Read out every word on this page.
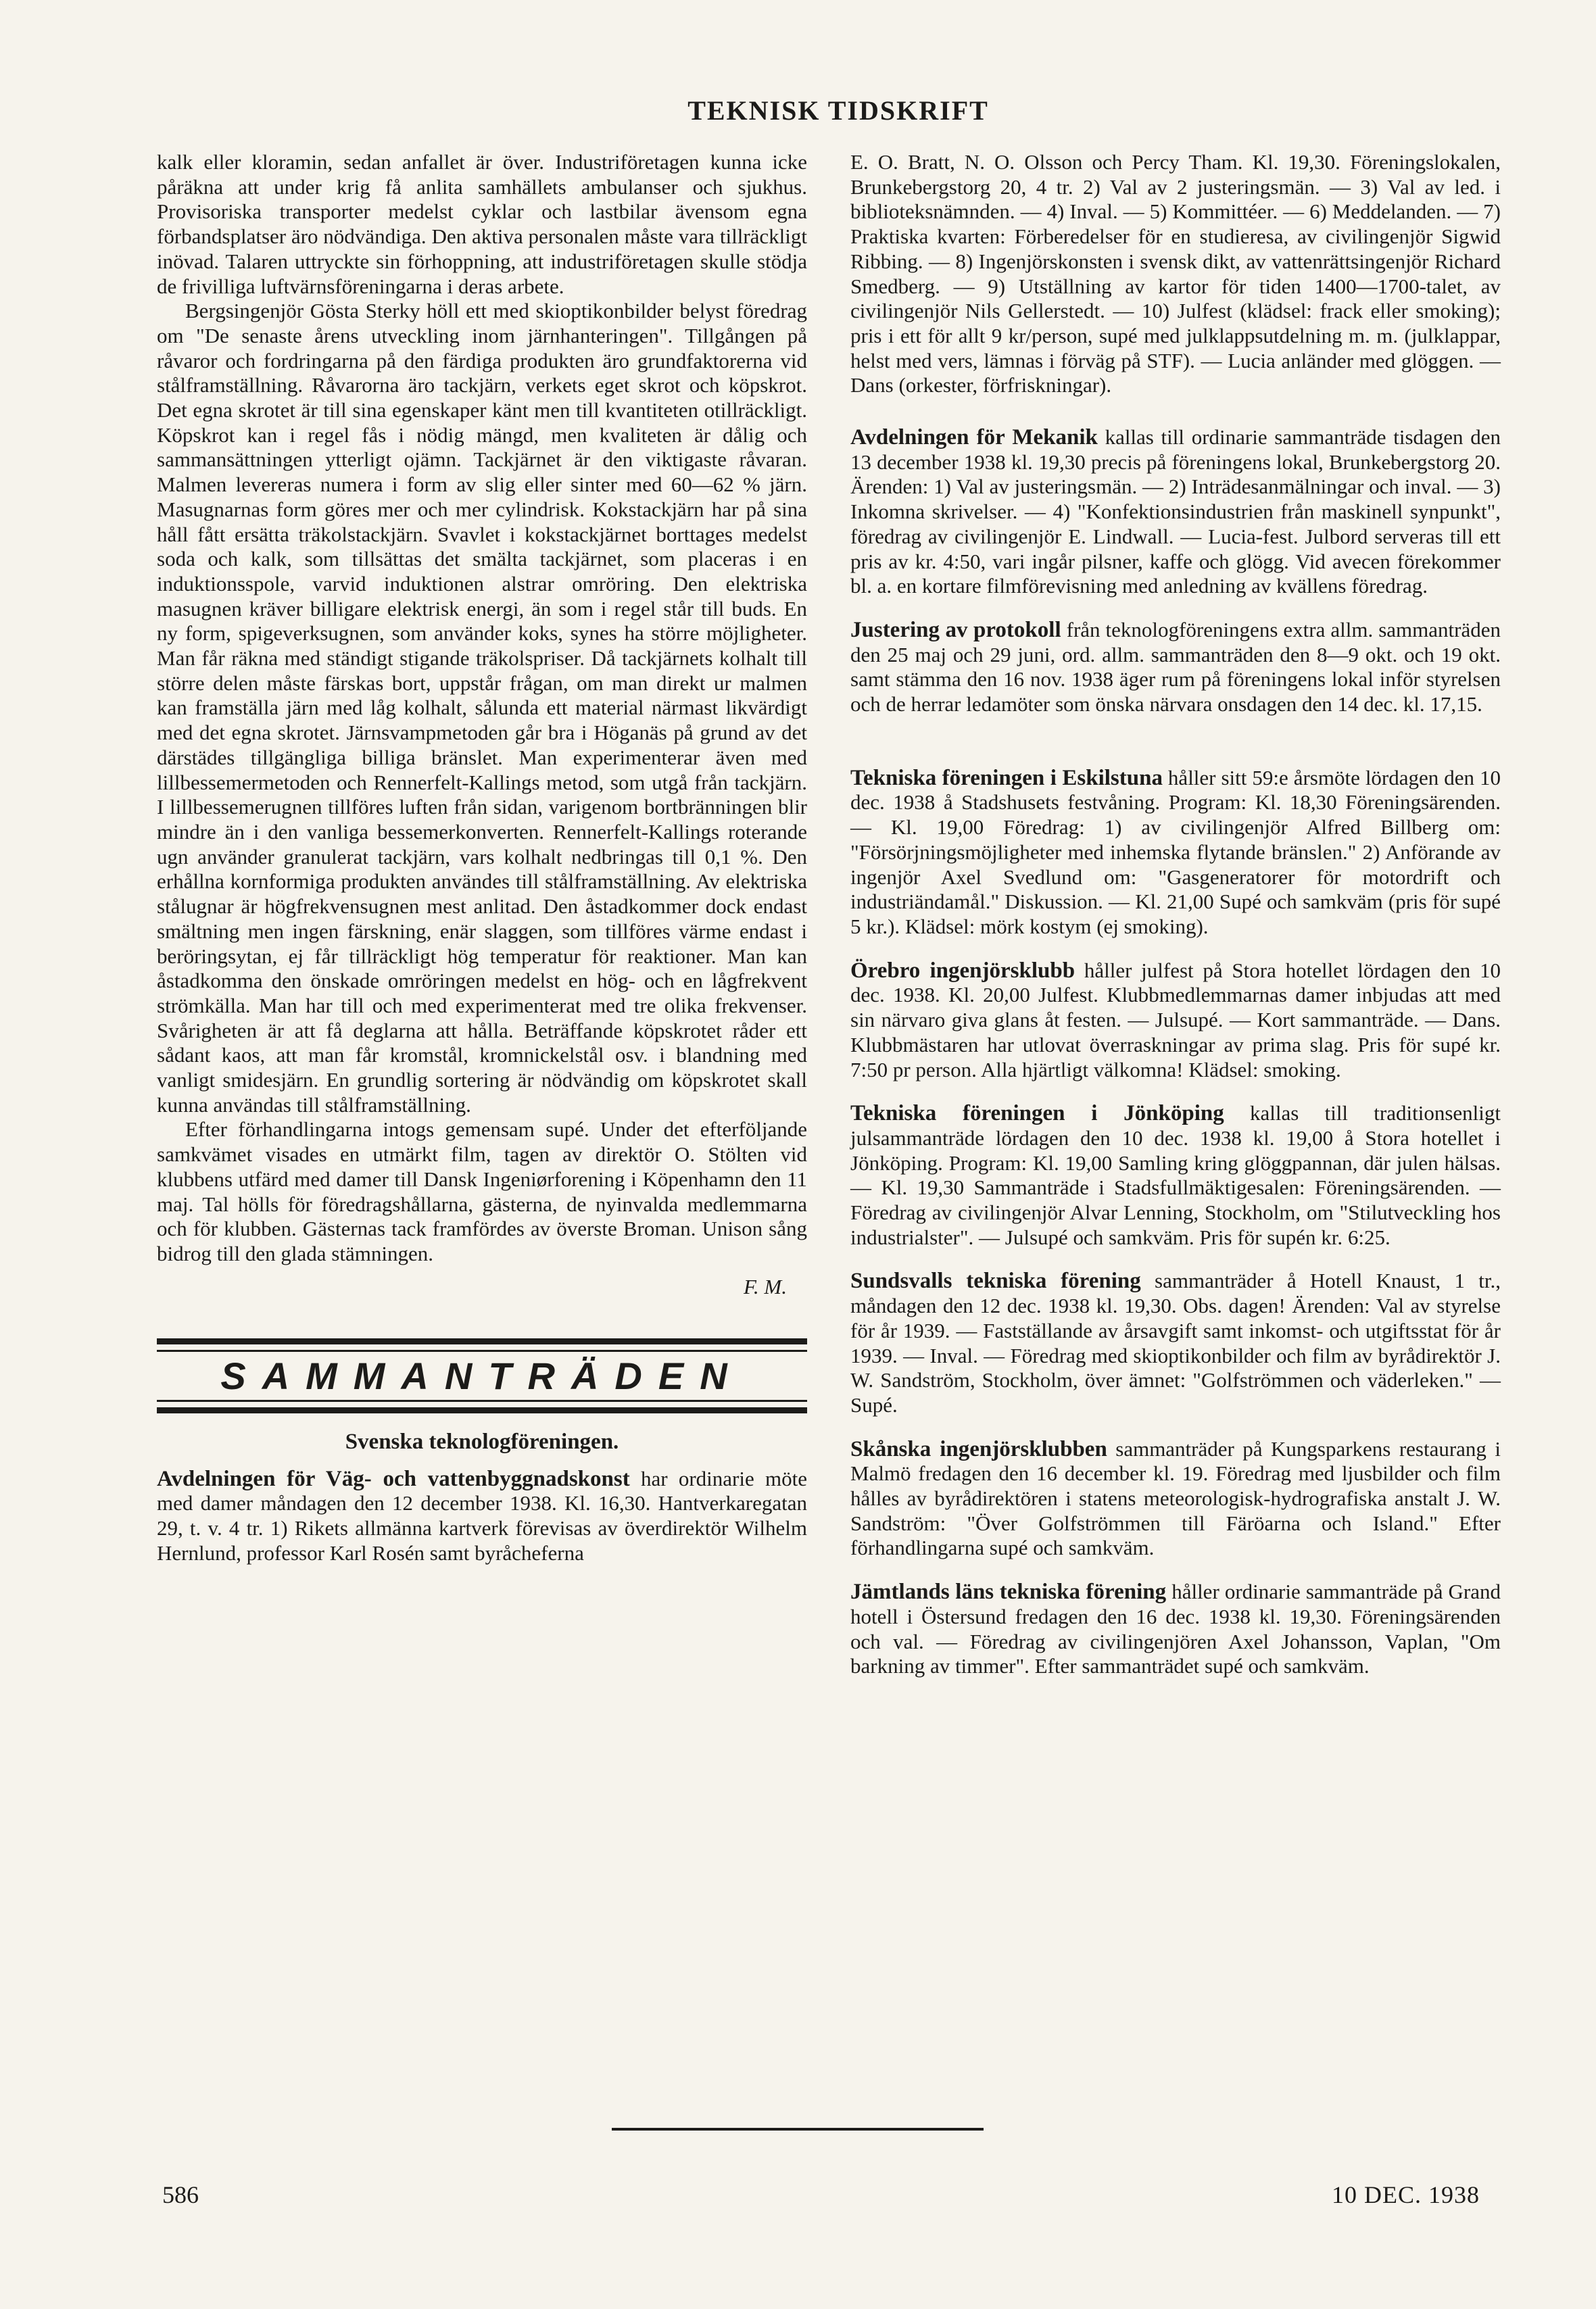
TEKNISK TIDSKRIFT

kalk eller kloramin, sedan anfallet är över. Industriföretagen kunna icke påräkna att under krig få anlita samhällets ambulanser och sjukhus. Provisoriska transporter medelst cyklar och lastbilar ävensom egna förbandsplatser äro nödvändiga. Den aktiva personalen måste vara tillräckligt inövad. Talaren uttryckte sin förhoppning, att industriföretagen skulle stödja de frivilliga luftvärnsföreningarna i deras arbete.

Bergsingenjör Gösta Sterky höll ett med skioptikonbilder belyst föredrag om "De senaste årens utveckling inom järnhanteringen". Tillgången på råvaror och fordringarna på den färdiga produkten äro grundfaktorerna vid stålframställning. Råvarorna äro tackjärn, verkets eget skrot och köpskrot. Det egna skrotet är till sina egenskaper känt men till kvantiteten otillräckligt. Köpskrot kan i regel fås i nödig mängd, men kvaliteten är dålig och sammansättningen ytterligt ojämn. Tackjärnet är den viktigaste råvaran. Malmen levereras numera i form av slig eller sinter med 60—62 % järn. Masugnarnas form göres mer och mer cylindrisk. Kokstackjärn har på sina håll fått ersätta träkolstackjärn. Svavlet i kokstackjärnet borttages medelst soda och kalk, som tillsättas det smälta tackjärnet, som placeras i en induktionsspole, varvid induktionen alstrar omröring. Den elektriska masugnen kräver billigare elektrisk energi, än som i regel står till buds. En ny form, spigeverksugnen, som använder koks, synes ha större möjligheter. Man får räkna med ständigt stigande träkolspriser. Då tackjärnets kolhalt till större delen måste färskas bort, uppstår frågan, om man direkt ur malmen kan framställa järn med låg kolhalt, sålunda ett material närmast likvärdigt med det egna skrotet. Järnsvampmetoden går bra i Höganäs på grund av det därstädes tillgängliga billiga bränslet. Man experimenterar även med lillbessemermetoden och Rennerfelt-Kallings metod, som utgå från tackjärn. I lillbessemerugnen tillföres luften från sidan, varigenom bortbränningen blir mindre än i den vanliga bessemerkonverten. Rennerfelt-Kallings roterande ugn använder granulerat tackjärn, vars kolhalt nedbringas till 0,1 %. Den erhållna kornformiga produkten användes till stålframställning. Av elektriska stålugnar är högfrekvensugnen mest anlitad. Den åstadkommer dock endast smältning men ingen färskning, enär slaggen, som tillföres värme endast i beröringsytan, ej får tillräckligt hög temperatur för reaktioner. Man kan åstadkomma den önskade omröringen medelst en hög- och en lågfrekvent strömkälla. Man har till och med experimenterat med tre olika frekvenser. Svårigheten är att få deglarna att hålla. Beträffande köpskrotet råder ett sådant kaos, att man får kromstål, kromnickelstål osv. i blandning med vanligt smidesjärn. En grundlig sortering är nödvändig om köpskrotet skall kunna användas till stålframställning.

Efter förhandlingarna intogs gemensam supé. Under det efterföljande samkvämet visades en utmärkt film, tagen av direktör O. Stölten vid klubbens utfärd med damer till Dansk Ingeniørforening i Köpenhamn den 11 maj. Tal hölls för föredragshållarna, gästerna, de nyinvalda medlemmarna och för klubben. Gästernas tack framfördes av överste Broman. Unison sång bidrog till den glada stämningen.

F. M.

SAMMANTRÄDEN

Svenska teknologföreningen.

Avdelningen för Väg- och vattenbyggnadskonst har ordinarie möte med damer måndagen den 12 december 1938. Kl. 16,30. Hantverkaregatan 29, t. v. 4 tr. 1) Rikets allmänna kartverk förevisas av överdirektör Wilhelm Hernlund, professor Karl Rosén samt byråcheferna

E. O. Bratt, N. O. Olsson och Percy Tham. Kl. 19,30. Föreningslokalen, Brunkebergstorg 20, 4 tr. 2) Val av 2 justeringsmän. — 3) Val av led. i biblioteksnämnden. — 4) Inval. — 5) Kommittéer. — 6) Meddelanden. — 7) Praktiska kvarten: Förberedelser för en studieresa, av civilingenjör Sigwid Ribbing. — 8) Ingenjörskonsten i svensk dikt, av vattenrättsingenjör Richard Smedberg. — 9) Utställning av kartor för tiden 1400—1700-talet, av civilingenjör Nils Gellerstedt. — 10) Julfest (klädsel: frack eller smoking); pris i ett för allt 9 kr/person, supé med julklappsutdelning m. m. (julklappar, helst med vers, lämnas i förväg på STF). — Lucia anländer med glöggen. — Dans (orkester, förfriskningar).

Avdelningen för Mekanik kallas till ordinarie sammanträde tisdagen den 13 december 1938 kl. 19,30 precis på föreningens lokal, Brunkebergstorg 20. Ärenden: 1) Val av justeringsmän. — 2) Inträdesanmälningar och inval. — 3) Inkomna skrivelser. — 4) "Konfektionsindustrien från maskinell synpunkt", föredrag av civilingenjör E. Lindwall. — Lucia-fest. Julbord serveras till ett pris av kr. 4:50, vari ingår pilsner, kaffe och glögg. Vid avecen förekommer bl. a. en kortare filmförevisning med anledning av kvällens föredrag.

Justering av protokoll från teknologföreningens extra allm. sammanträden den 25 maj och 29 juni, ord. allm. sammanträden den 8—9 okt. och 19 okt. samt stämma den 16 nov. 1938 äger rum på föreningens lokal inför styrelsen och de herrar ledamöter som önska närvara onsdagen den 14 dec. kl. 17,15.

Tekniska föreningen i Eskilstuna håller sitt 59:e årsmöte lördagen den 10 dec. 1938 å Stadshusets festvåning. Program: Kl. 18,30 Föreningsärenden. — Kl. 19,00 Föredrag: 1) av civilingenjör Alfred Billberg om: "Försörjningsmöjligheter med inhemska flytande bränslen." 2) Anförande av ingenjör Axel Svedlund om: "Gasgeneratorer för motordrift och industriändamål." Diskussion. — Kl. 21,00 Supé och samkväm (pris för supé 5 kr.). Klädsel: mörk kostym (ej smoking).

Örebro ingenjörsklubb håller julfest på Stora hotellet lördagen den 10 dec. 1938. Kl. 20,00 Julfest. Klubbmedlemmarnas damer inbjudas att med sin närvaro giva glans åt festen. — Julsupé. — Kort sammanträde. — Dans. Klubbmästaren har utlovat överraskningar av prima slag. Pris för supé kr. 7:50 pr person. Alla hjärtligt välkomna! Klädsel: smoking.

Tekniska föreningen i Jönköping kallas till traditionsenligt julsammanträde lördagen den 10 dec. 1938 kl. 19,00 å Stora hotellet i Jönköping. Program: Kl. 19,00 Samling kring glöggpannan, där julen hälsas. — Kl. 19,30 Sammanträde i Stadsfullmäktigesalen: Föreningsärenden. — Föredrag av civilingenjör Alvar Lenning, Stockholm, om "Stilutveckling hos industrialster". — Julsupé och samkväm. Pris för supén kr. 6:25.

Sundsvalls tekniska förening sammanträder å Hotell Knaust, 1 tr., måndagen den 12 dec. 1938 kl. 19,30. Obs. dagen! Ärenden: Val av styrelse för år 1939. — Fastställande av årsavgift samt inkomst- och utgiftsstat för år 1939. — Inval. — Föredrag med skioptikonbilder och film av byrådirektör J. W. Sandström, Stockholm, över ämnet: "Golfströmmen och väderleken." — Supé.

Skånska ingenjörsklubben sammanträder på Kungsparkens restaurang i Malmö fredagen den 16 december kl. 19. Föredrag med ljusbilder och film hålles av byrådirektören i statens meteorologisk-hydrografiska anstalt J. W. Sandström: "Över Golfströmmen till Färöarna och Island." Efter förhandlingarna supé och samkväm.

Jämtlands läns tekniska förening håller ordinarie sammanträde på Grand hotell i Östersund fredagen den 16 dec. 1938 kl. 19,30. Föreningsärenden och val. — Föredrag av civilingenjören Axel Johansson, Vaplan, "Om barkning av timmer". Efter sammanträdet supé och samkväm.

586	10 DEC. 1938
